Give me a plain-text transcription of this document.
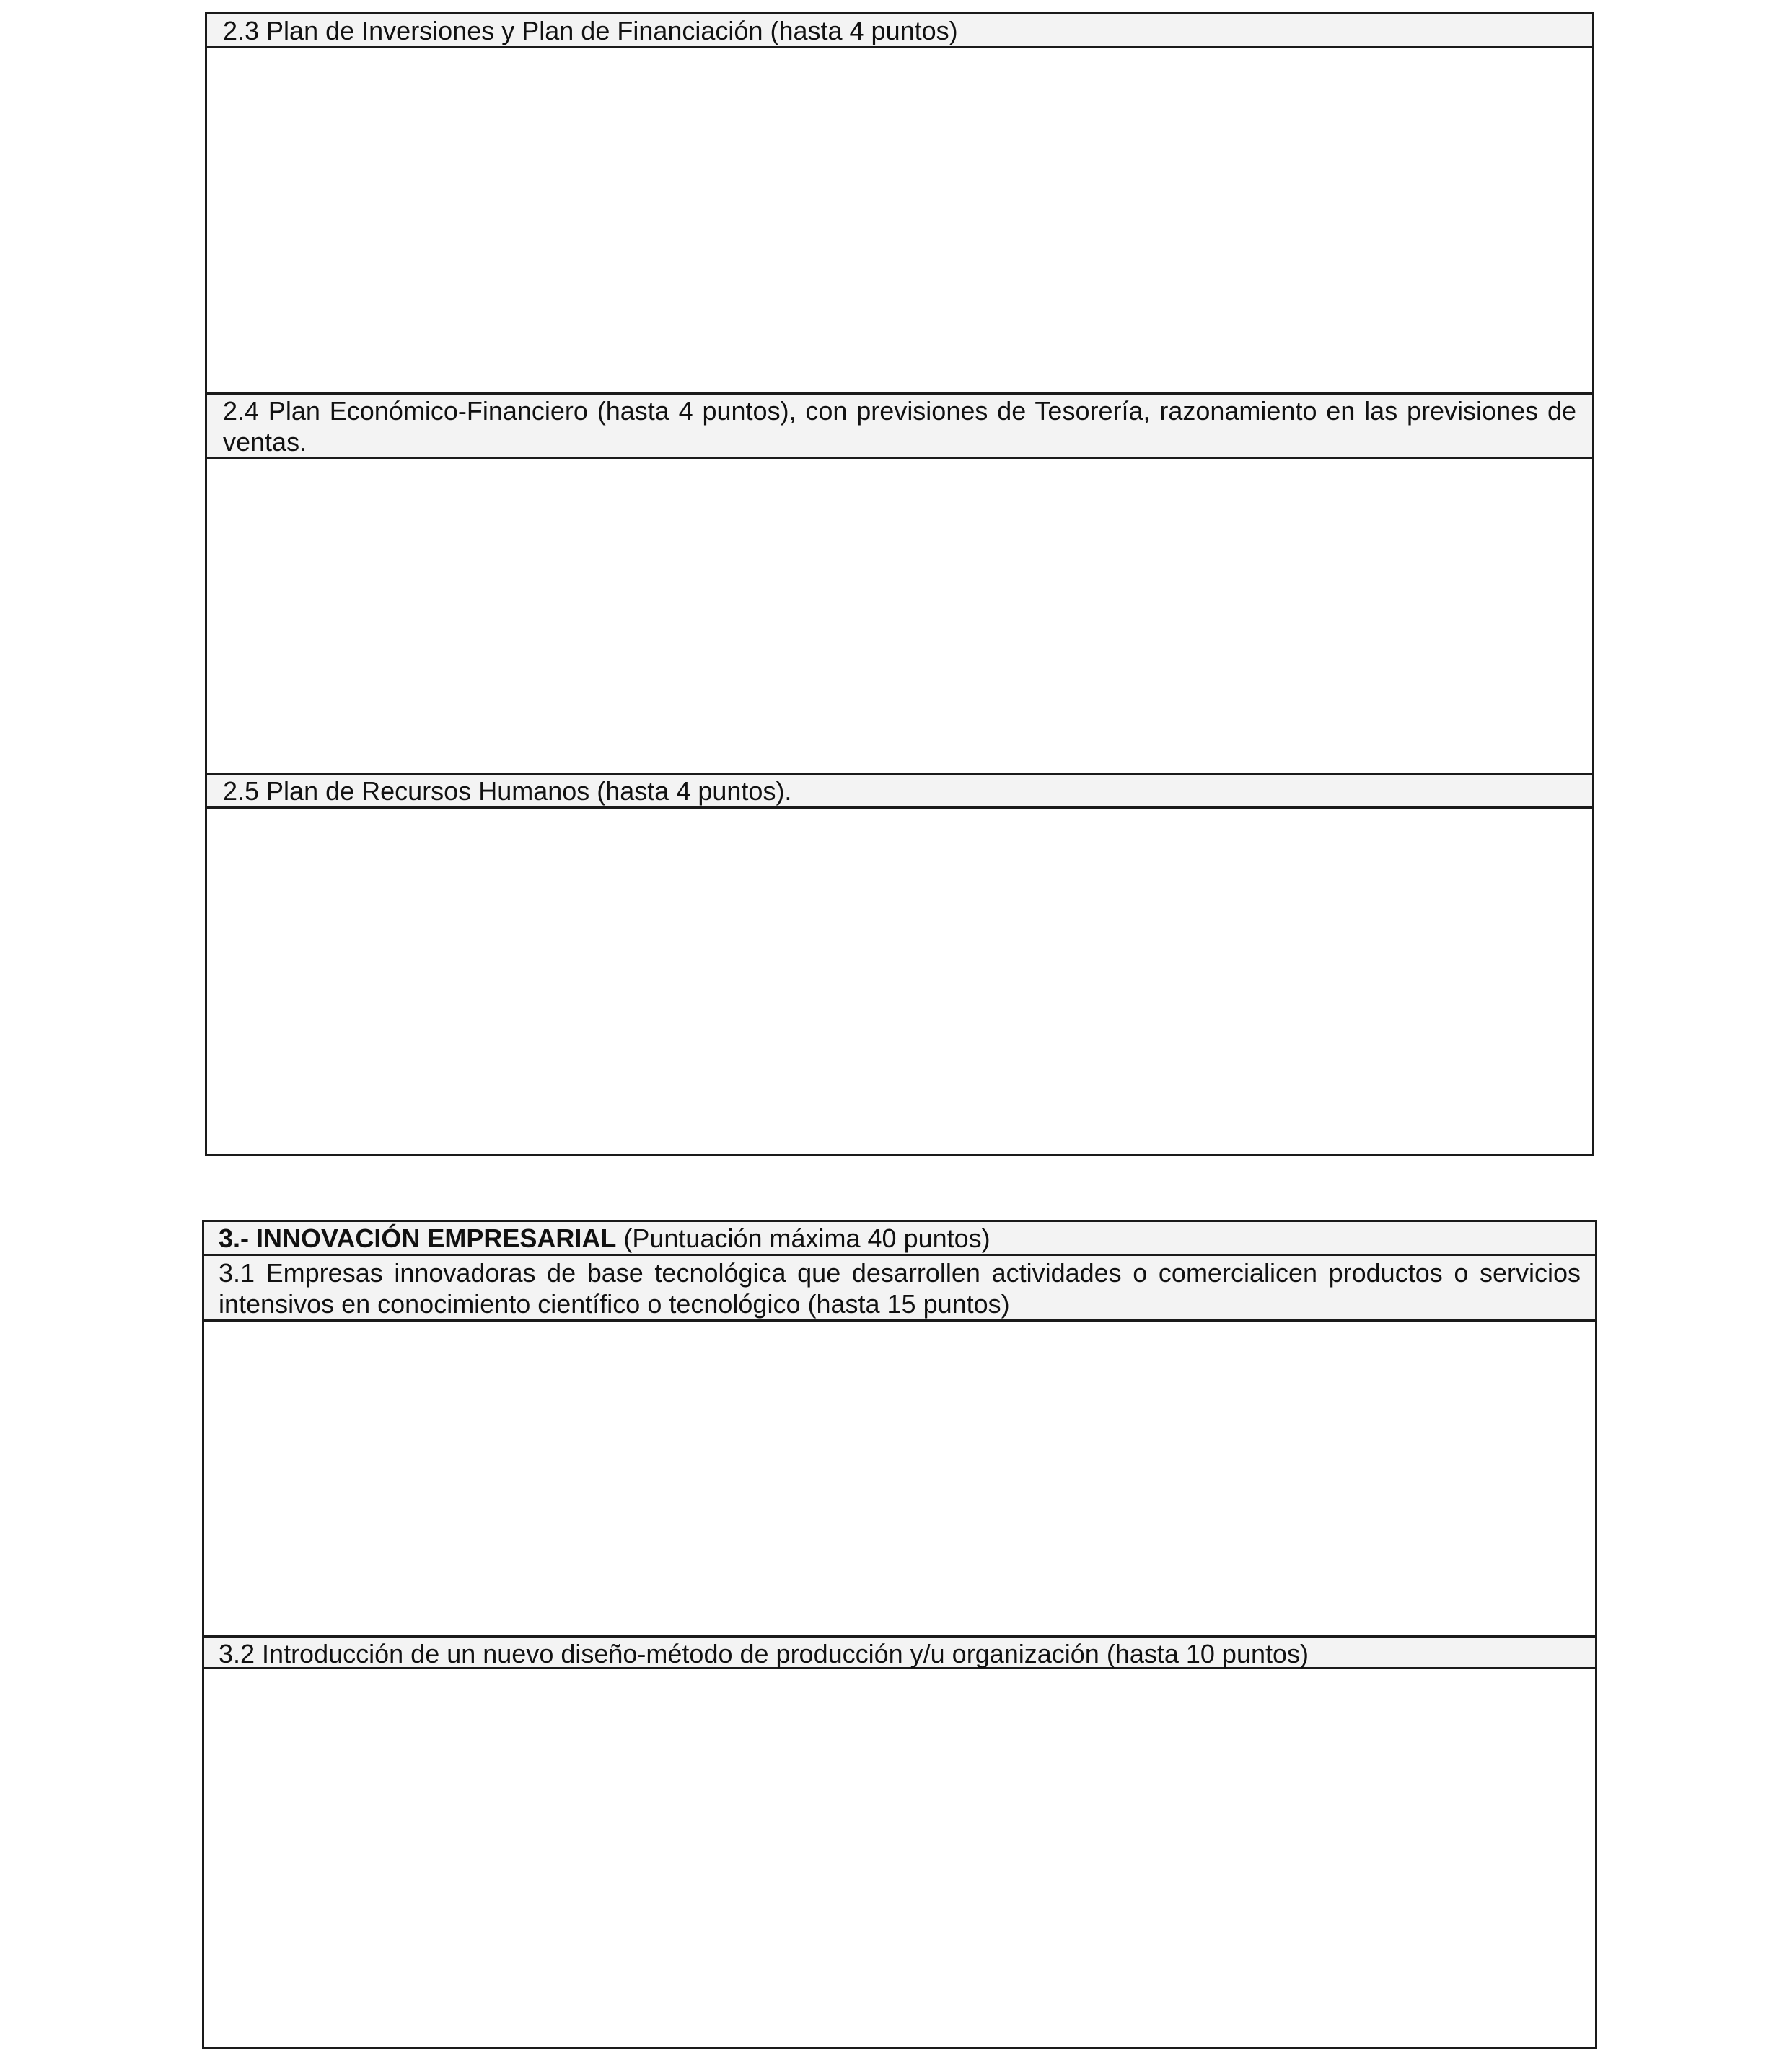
2.3 Plan de Inversiones y Plan de Financiación (hasta 4 puntos)
2.4 Plan Económico-Financiero (hasta 4 puntos), con previsiones de Tesorería, razonamiento en las previsiones de ventas.
2.5 Plan de Recursos Humanos (hasta 4 puntos).
3.- INNOVACIÓN EMPRESARIAL (Puntuación máxima 40 puntos)
3.1 Empresas innovadoras de base tecnológica que desarrollen actividades o comercialicen productos o servicios intensivos en conocimiento científico o tecnológico (hasta 15 puntos)
3.2 Introducción de un nuevo diseño-método de producción y/u organización (hasta 10 puntos)
